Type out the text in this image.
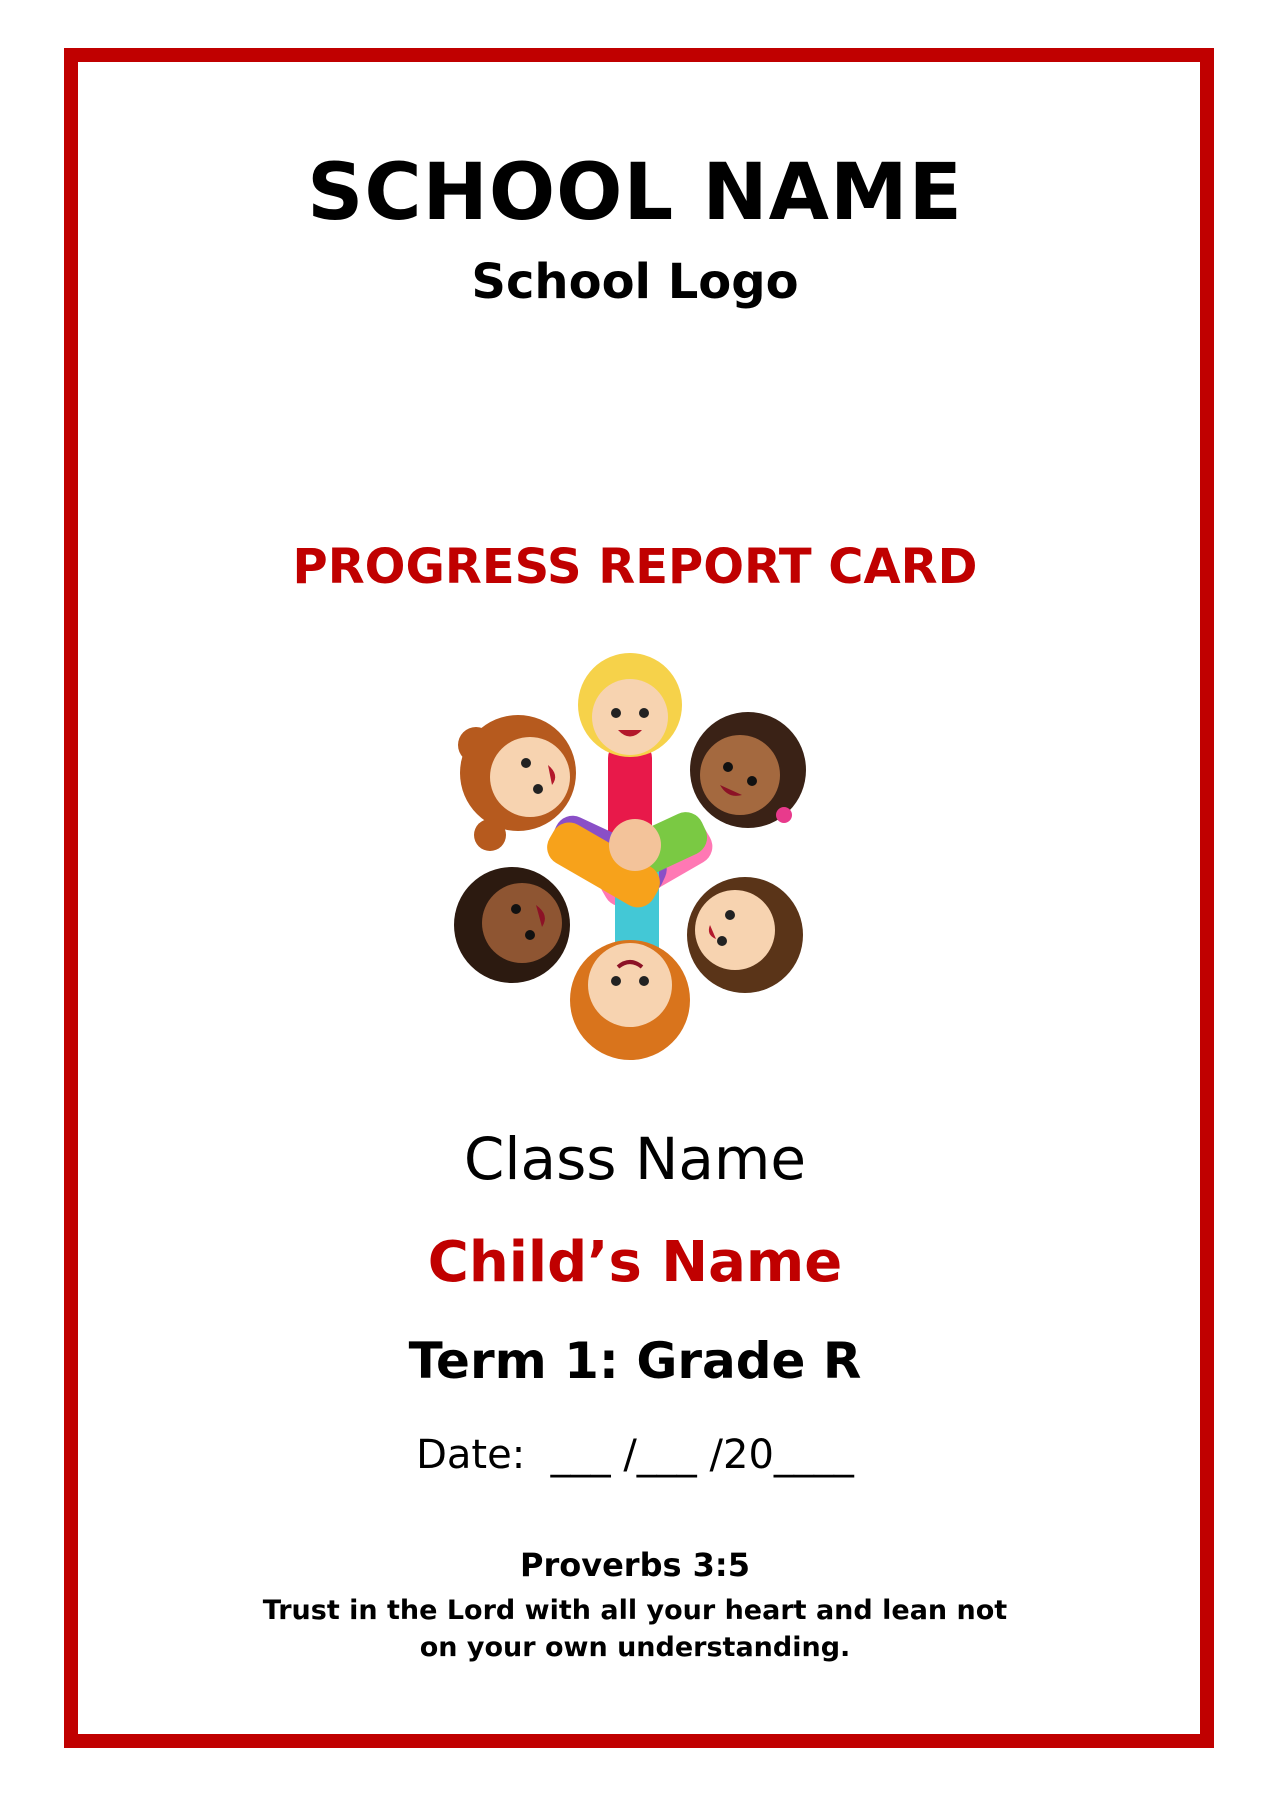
SCHOOL NAME
School Logo
PROGRESS REPORT CARD
Class Name
Child’s Name
Term 1: Grade R
Date:  ___ /___ /20____
Proverbs 3:5
Trust in the Lord with all your heart and lean not
on your own understanding.
